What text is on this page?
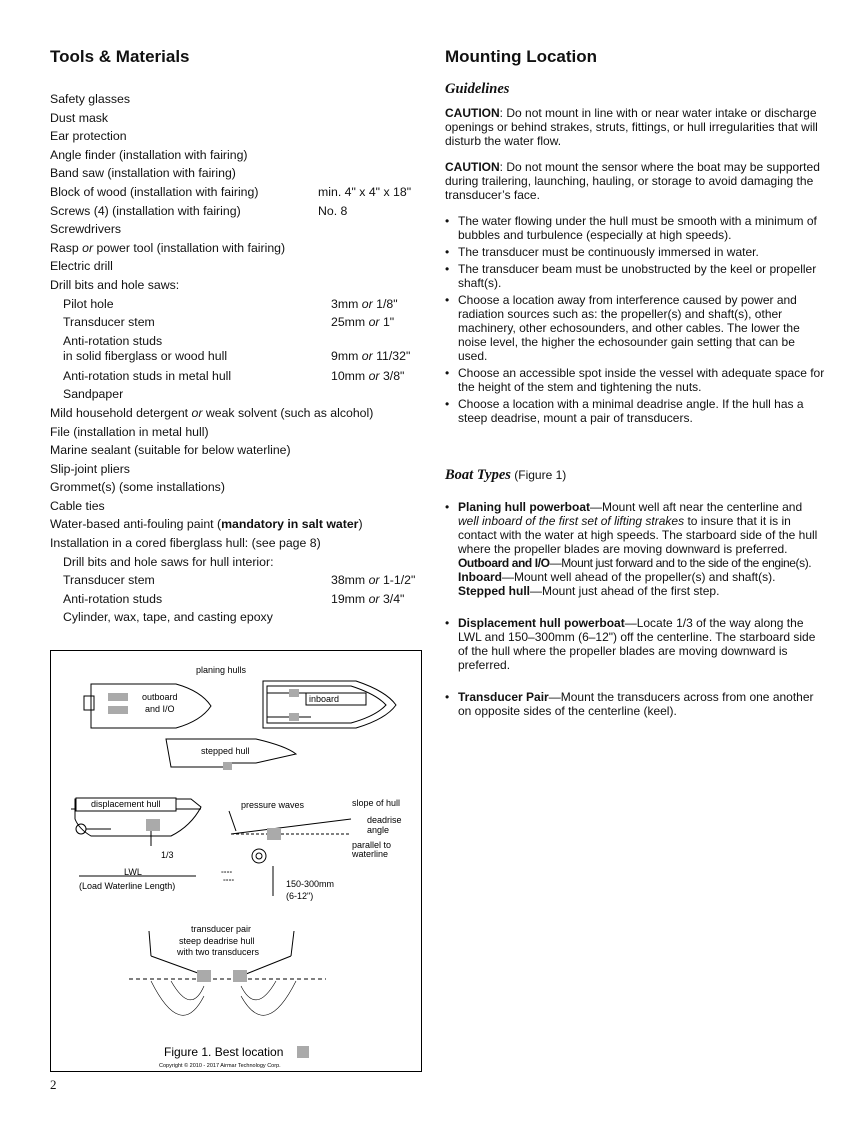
Tools & Materials
Safety glasses
Dust mask
Ear protection
Angle finder (installation with fairing)
Band saw (installation with fairing)
Block of wood (installation with fairing)	min. 4" x 4" x 18"
Screws (4) (installation with fairing)	No. 8
Screwdrivers
Rasp or power tool (installation with fairing)
Electric drill
Drill bits and hole saws:
Pilot hole	3mm or 1/8"
Transducer stem	25mm or 1"
Anti-rotation studs
in solid fiberglass or wood hull	9mm or 11/32"
Anti-rotation studs in metal hull	10mm or 3/8"
Sandpaper
Mild household detergent or weak solvent (such as alcohol)
File (installation in metal hull)
Marine sealant (suitable for below waterline)
Slip-joint pliers
Grommet(s) (some installations)
Cable ties
Water-based anti-fouling paint (mandatory in salt water)
Installation in a cored fiberglass hull: (see page 8)
Drill bits and hole saws for hull interior:
Transducer stem	38mm or 1-1/2"
Anti-rotation studs	19mm or 3/4"
Cylinder, wax, tape, and casting epoxy
planing hulls
outboard
and I/O
inboard
stepped hull
displacement hull
1/3
LWL
(Load Waterline Length)
pressure waves
°°°°
°°°°
slope of hull
deadrise
angle
parallel to
waterline
150-300mm
(6-12")
transducer pair
steep deadrise hull
with two transducers
Figure 1. Best location
Copyright © 2010 - 2017 Airmar Technology Corp.
2
Mounting Location
Guidelines

CAUTION: Do not mount in line with or near water intake or discharge openings or behind strakes, struts, fittings, or hull irregularities that will disturb the water flow.

CAUTION: Do not mount the sensor where the boat may be supported during trailering, launching, hauling, or storage to avoid damaging the transducer’s face.

• The water flowing under the hull must be smooth with a minimum of bubbles and turbulence (especially at high speeds).
• The transducer must be continuously immersed in water.
• The transducer beam must be unobstructed by the keel or propeller shaft(s).
• Choose a location away from interference caused by power and radiation sources such as: the propeller(s) and shaft(s), other machinery, other echosounders, and other cables. The lower the noise level, the higher the echosounder gain setting that can be used.
• Choose an accessible spot inside the vessel with adequate space for the height of the stem and tightening the nuts.
• Choose a location with a minimal deadrise angle. If the hull has a steep deadrise, mount a pair of transducers.
Boat Types (Figure 1)
• Planing hull powerboat—Mount well aft near the centerline and well inboard of the first set of lifting strakes to insure that it is in contact with the water at high speeds. The starboard side of the hull where the propeller blades are moving downward is preferred.
Outboard and I/O—Mount just forward and to the side of the engine(s).
Inboard—Mount well ahead of the propeller(s) and shaft(s).
Stepped hull—Mount just ahead of the first step.
• Displacement hull powerboat—Locate 1/3 of the way along the LWL and 150–300mm (6–12") off the centerline. The starboard side of the hull where the propeller blades are moving downward is preferred.
• Transducer Pair—Mount the transducers across from one another on opposite sides of the centerline (keel).
